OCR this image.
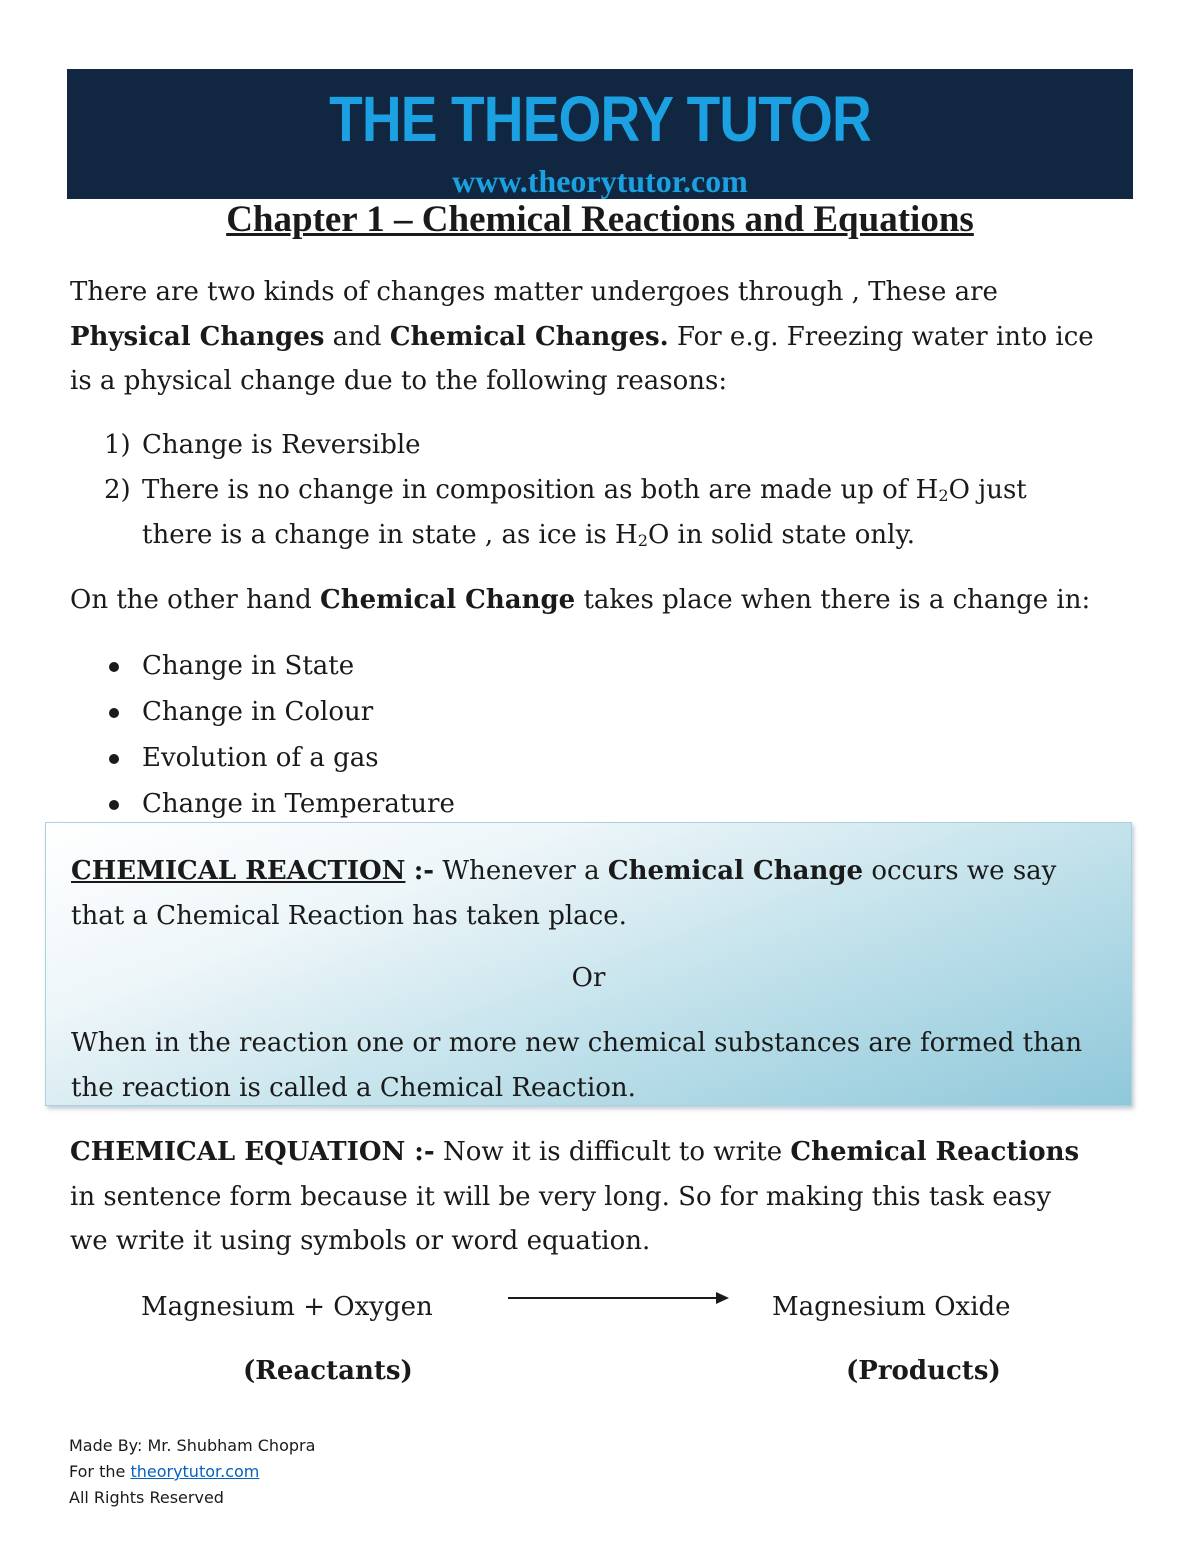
THE THEORY TUTOR
www.theorytutor.com
Chapter 1 – Chemical Reactions and Equations

There are two kinds of changes matter undergoes through , These are
Physical Changes and Chemical Changes. For e.g. Freezing water into ice
is a physical change due to the following reasons:

1) Change is Reversible
2) There is no change in composition as both are made up of $H_2O$ just
there is a change in state , as ice is $H_2O$ in solid state only.

On the other hand Chemical Change takes place when there is a change in:

Change in State
Change in Colour
Evolution of a gas
Change in Temperature

CHEMICAL REACTION :- Whenever a Chemical Change occurs we say
that a Chemical Reaction has taken place.

Or

When in the reaction one or more new chemical substances are formed than
the reaction is called a Chemical Reaction.

CHEMICAL EQUATION :- Now it is difficult to write Chemical Reactions
in sentence form because it will be very long. So for making this task easy
we write it using symbols or word equation.

Magnesium + Oxygen	Magnesium Oxide
(Reactants)	(Products)
Made By: Mr. Shubham Chopra
For the theorytutor.com
All Rights Reserved
